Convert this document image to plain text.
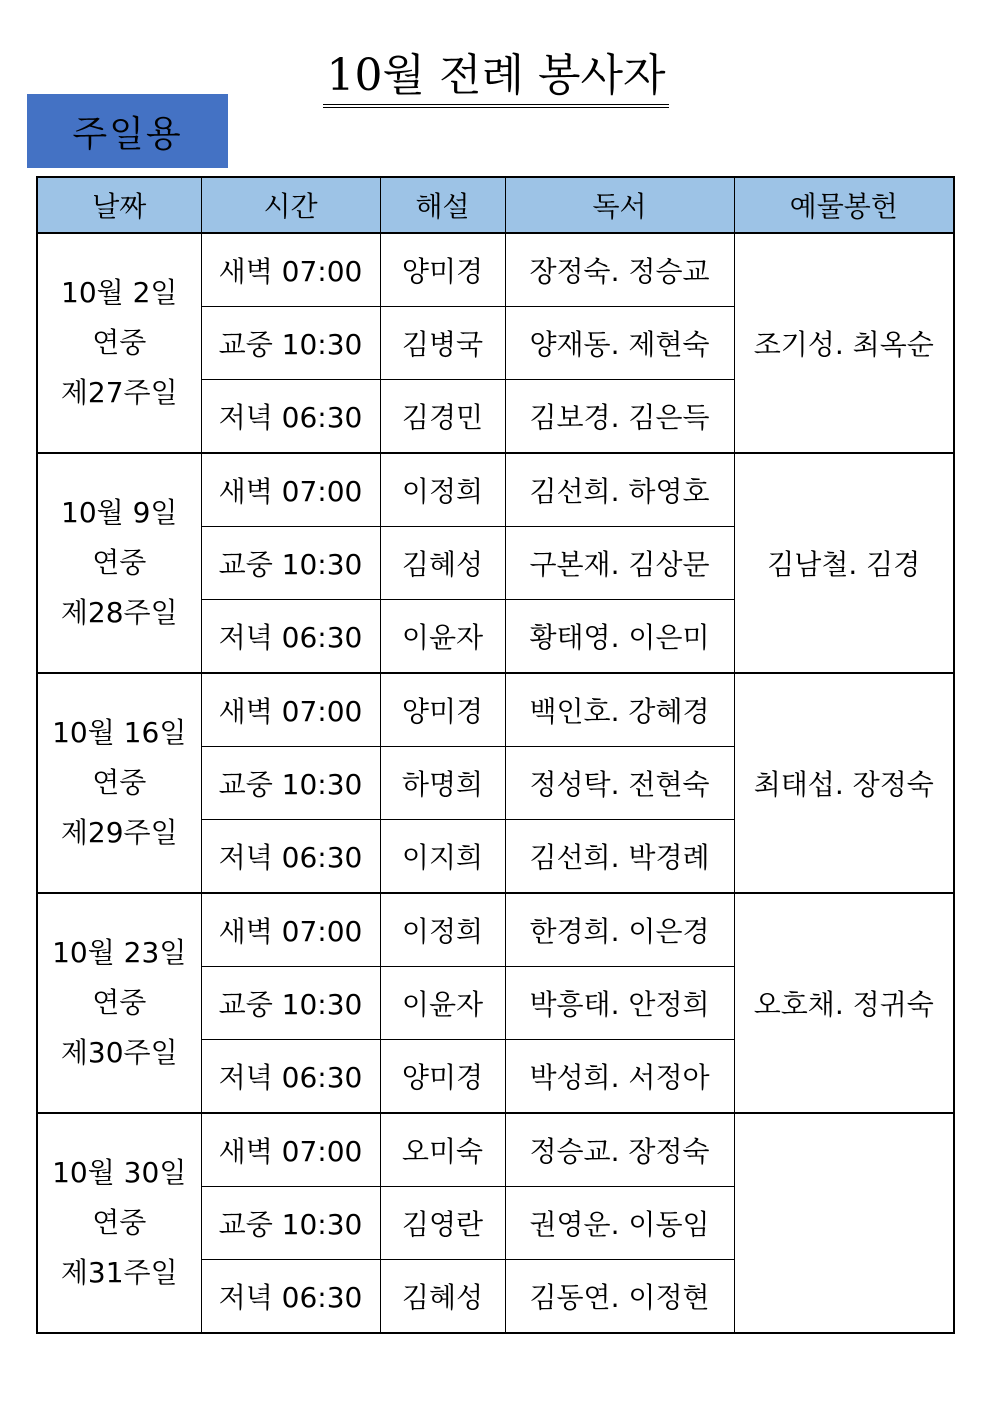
10월 전례 봉사자
주일용
날짜	시간	해설	독서	예물봉헌

10월 2일
연중
제27주일	새벽 07:00	양미경	장정숙. 정승교	조기성. 최옥순
	교중 10:30	김병국	양재동. 제현숙	
	저녁 06:30	김경민	김보경. 김은득	

10월 9일
연중
제28주일	새벽 07:00	이정희	김선희. 하영호	김남철. 김경
	교중 10:30	김혜성	구본재. 김상문	
	저녁 06:30	이윤자	황태영. 이은미	

10월 16일
연중
제29주일	새벽 07:00	양미경	백인호. 강혜경	최태섭. 장정숙
	교중 10:30	하명희	정성탁. 전현숙	
	저녁 06:30	이지희	김선희. 박경례	

10월 23일
연중
제30주일	새벽 07:00	이정희	한경희. 이은경	오호채. 정귀숙
	교중 10:30	이윤자	박흥태. 안정희	
	저녁 06:30	양미경	박성희. 서정아	

10월 30일
연중
제31주일	새벽 07:00	오미숙	정승교. 장정숙	
	교중 10:30	김영란	권영운. 이동임	
	저녁 06:30	김혜성	김동연. 이정현	
